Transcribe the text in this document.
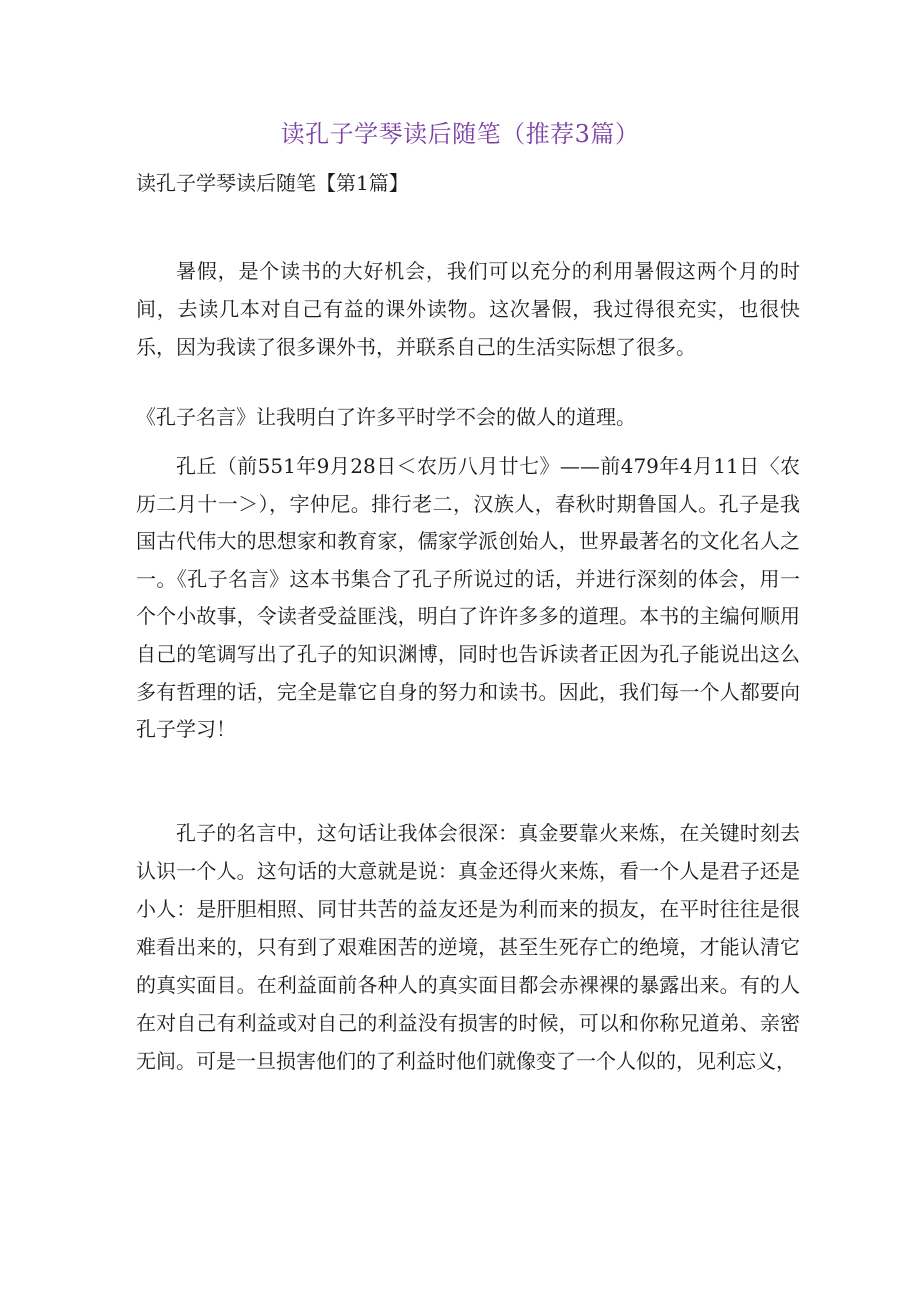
读孔子学琴读后随笔（推荐3篇）
读孔子学琴读后随笔【第1篇】

暑假，是个读书的大好机会，我们可以充分的利用暑假这两个月的时间，去读几本对自己有益的课外读物。这次暑假，我过得很充实，也很快乐，因为我读了很多课外书，并联系自己的生活实际想了很多。

《孔子名言》让我明白了许多平时学不会的做人的道理。

孔丘（前551年9月28日＜农历八月廿七》——前479年4月11日〈农历二月十一＞），字仲尼。排行老二，汉族人，春秋时期鲁国人。孔子是我国古代伟大的思想家和教育家，儒家学派创始人，世界最著名的文化名人之一。《孔子名言》这本书集合了孔子所说过的话，并进行深刻的体会，用一个个小故事，令读者受益匪浅，明白了许许多多的道理。本书的主编何顺用自己的笔调写出了孔子的知识渊博，同时也告诉读者正因为孔子能说出这么多有哲理的话，完全是靠它自身的努力和读书。因此，我们每一个人都要向孔子学习！

孔子的名言中，这句话让我体会很深：真金要靠火来炼，在关键时刻去认识一个人。这句话的大意就是说：真金还得火来炼，看一个人是君子还是小人：是肝胆相照、同甘共苦的益友还是为利而来的损友，在平时往往是很难看出来的，只有到了艰难困苦的逆境，甚至生死存亡的绝境，才能认清它的真实面目。在利益面前各种人的真实面目都会赤裸裸的暴露出来。有的人在对自己有利益或对自己的利益没有损害的时候，可以和你称兄道弟、亲密无间。可是一旦损害他们的了利益时他们就像变了一个人似的，见利忘义，
